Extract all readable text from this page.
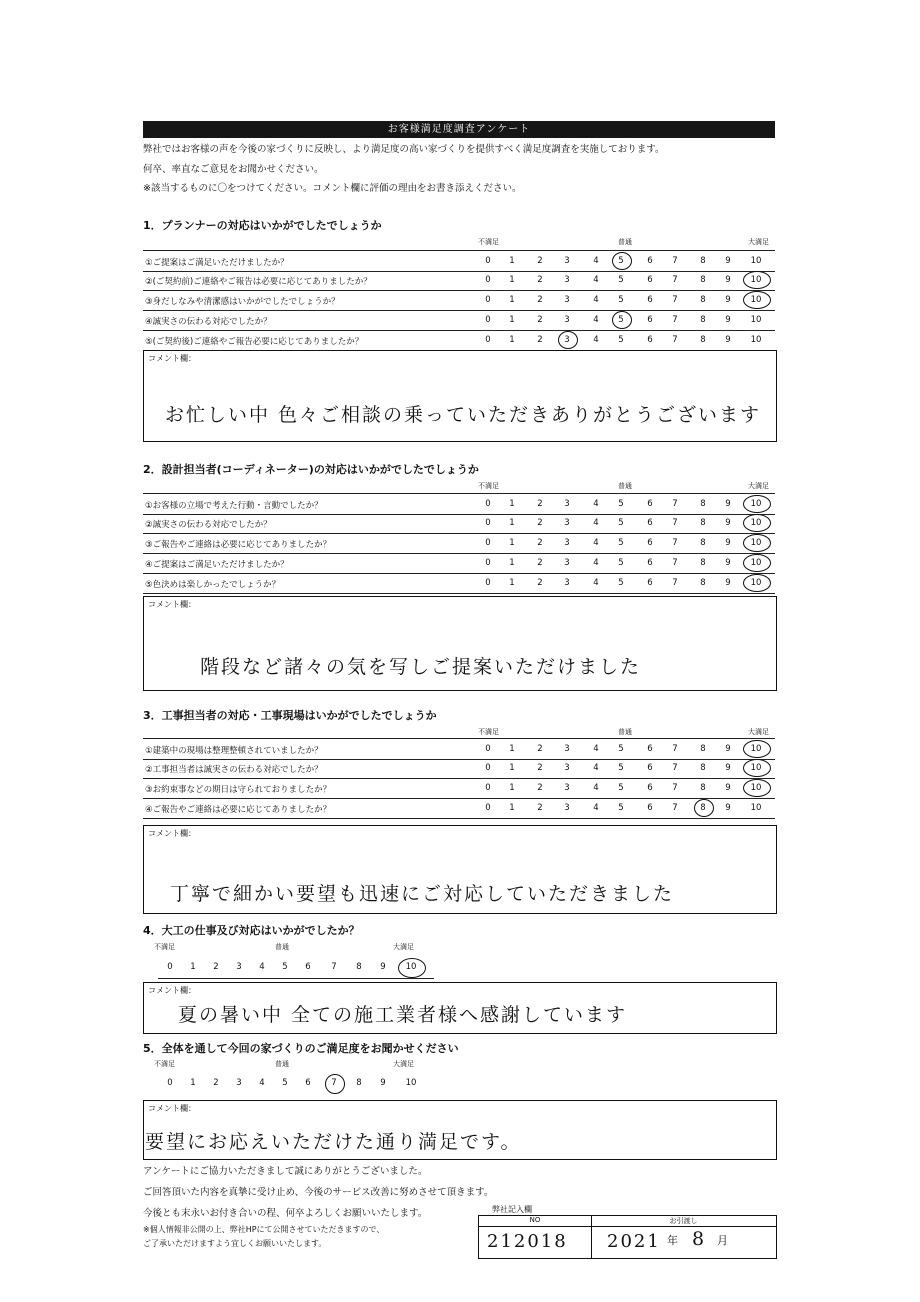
お客様満足度調査アンケート
弊社ではお客様の声を今後の家づくりに反映し、より満足度の高い家づくりを提供すべく満足度調査を実施しております。
何卒、率直なご意見をお聞かせください。
※該当するものに〇をつけてください。コメント欄に評価の理由をお書き添えください。
1．プランナーの対応はいかがでしたでしょうか
不満足	普通	大満足
①ご提案はご満足いただけましたか？	0	1	2	3	4	5	6	7	8	9	10
②(ご契約前)ご連絡やご報告は必要に応じてありましたか？	0	1	2	3	4	5	6	7	8	9	10
③身だしなみや清潔感はいかがでしたでしょうか？	0	1	2	3	4	5	6	7	8	9	10
④誠実さの伝わる対応でしたか？	0	1	2	3	4	5	6	7	8	9	10
⑤(ご契約後)ご連絡やご報告必要に応じてありましたか？	0	1	2	3	4	5	6	7	8	9	10
コメント欄：
お忙しい中 色々ご相談の乗っていただきありがとうございます
2．設計担当者(コーディネーター)の対応はいかがでしたでしょうか
不満足	普通	大満足
①お客様の立場で考えた行動・言動でしたか？	0	1	2	3	4	5	6	7	8	9	10
②誠実さの伝わる対応でしたか？	0	1	2	3	4	5	6	7	8	9	10
③ご報告やご連絡は必要に応じてありましたか？	0	1	2	3	4	5	6	7	8	9	10
④ご提案はご満足いただけましたか？	0	1	2	3	4	5	6	7	8	9	10
⑤色決めは楽しかったでしょうか？	0	1	2	3	4	5	6	7	8	9	10
コメント欄：
階段など諸々の気を写しご提案いただけました
3．工事担当者の対応・工事現場はいかがでしたでしょうか
不満足	普通	大満足
①建築中の現場は整理整頓されていましたか？	0	1	2	3	4	5	6	7	8	9	10
②工事担当者は誠実さの伝わる対応でしたか？	0	1	2	3	4	5	6	7	8	9	10
③お約束事などの期日は守られておりましたか？	0	1	2	3	4	5	6	7	8	9	10
④ご報告やご連絡は必要に応じてありましたか？	0	1	2	3	4	5	6	7	8	9	10
コメント欄：
丁寧で細かい要望も迅速にご対応していただきました
4．大工の仕事及び対応はいかがでしたか？
不満足	普通	大満足
0	1	2	3	4	5	6	7	8	9	10
コメント欄：
夏の暑い中 全ての施工業者様へ感謝しています
5．全体を通して今回の家づくりのご満足度をお聞かせください
不満足	普通	大満足
0	1	2	3	4	5	6	7	8	9	10
コメント欄：
要望にお応えいただけた通り満足です。
アンケートにご協力いただきまして誠にありがとうございました。
ご回答頂いた内容を真摯に受け止め、今後のサービス改善に努めさせて頂きます。
今後とも末永いお付き合いの程、何卒よろしくお願いいたします。
※個人情報非公開の上、弊社HPにて公開させていただきますので、
ご了承いただけますよう宜しくお願いいたします。
弊社記入欄
NO	お引渡し
212018 2021 年 8 月
